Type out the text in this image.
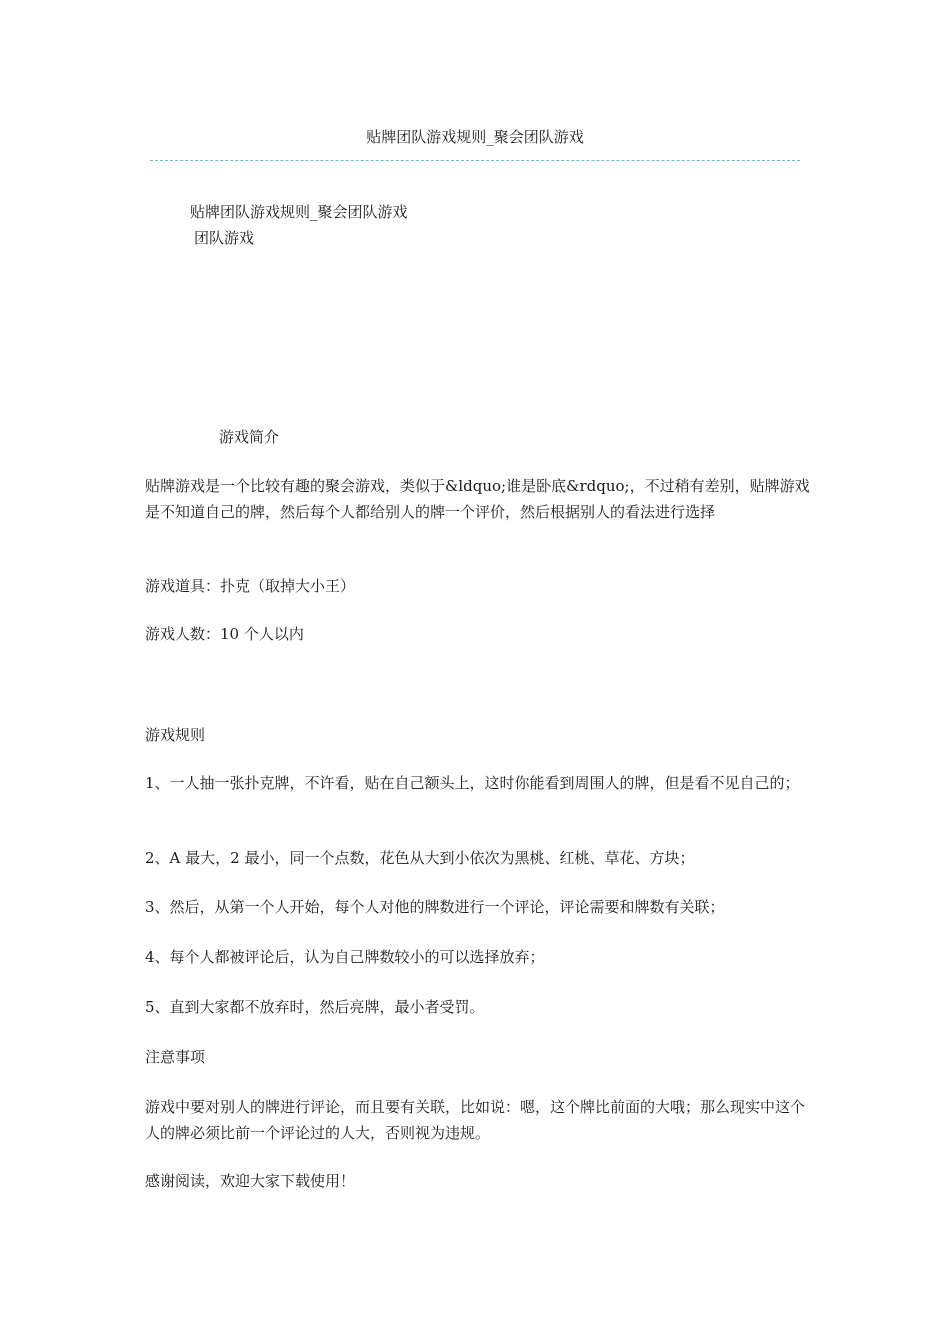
贴牌团队游戏规则_聚会团队游戏
贴牌团队游戏规则_聚会团队游戏
团队游戏
游戏简介

贴牌游戏是一个比较有趣的聚会游戏，类似于&ldquo;谁是卧底&rdquo;，不过稍有差别，贴牌游戏是不知道自己的牌，然后每个人都给别人的牌一个评价，然后根据别人的看法进行选择

游戏道具：扑克（取掉大小王）

游戏人数：10 个人以内

游戏规则

1、一人抽一张扑克牌，不许看，贴在自己额头上，这时你能看到周围人的牌，但是看不见自己的；

2、A 最大，2 最小，同一个点数，花色从大到小依次为黑桃、红桃、草花、方块；

3、然后，从第一个人开始，每个人对他的牌数进行一个评论，评论需要和牌数有关联；

4、每个人都被评论后，认为自己牌数较小的可以选择放弃；

5、直到大家都不放弃时，然后亮牌，最小者受罚。

注意事项

游戏中要对别人的牌进行评论，而且要有关联，比如说：嗯，这个牌比前面的大哦；那么现实中这个人的牌必须比前一个评论过的人大，否则视为违规。

感谢阅读，欢迎大家下载使用！
